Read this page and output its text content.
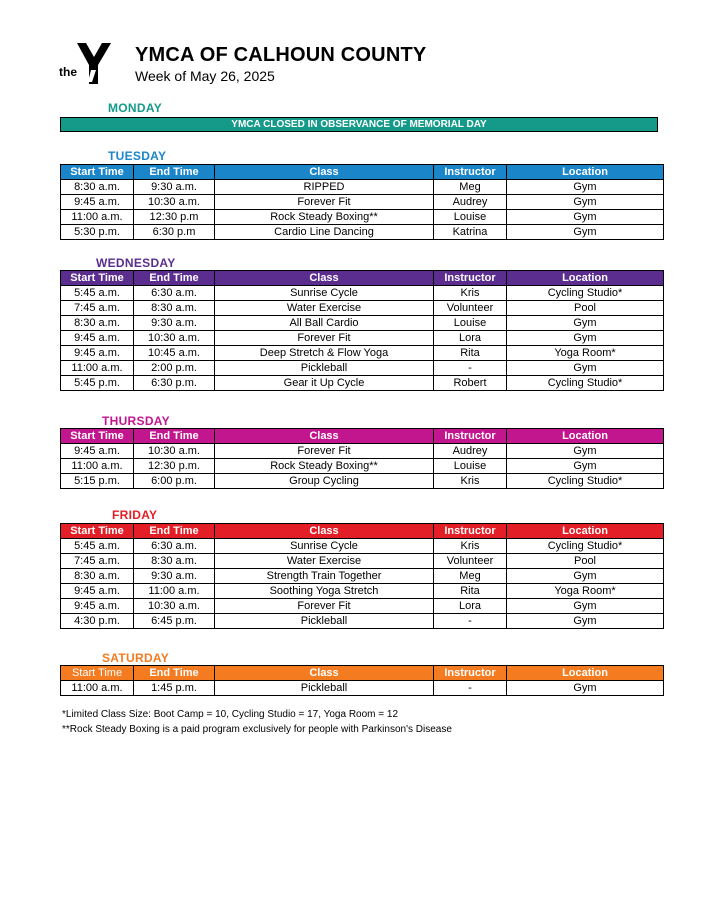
the
YMCA OF CALHOUN COUNTY
Week of May 26, 2025
MONDAY
YMCA CLOSED IN OBSERVANCE OF MEMORIAL DAY
TUESDAY
Start Time	End Time	Class	Instructor	Location
8:30 a.m.	9:30 a.m.	RIPPED	Meg	Gym
9:45 a.m.	10:30 a.m.	Forever Fit	Audrey	Gym
11:00 a.m.	12:30 p.m	Rock Steady Boxing**	Louise	Gym
5:30 p.m.	6:30 p.m	Cardio Line Dancing	Katrina	Gym
WEDNESDAY
Start Time	End Time	Class	Instructor	Location
5:45 a.m.	6:30 a.m.	Sunrise Cycle	Kris	Cycling Studio*
7:45 a.m.	8:30 a.m.	Water Exercise	Volunteer	Pool
8:30 a.m.	9:30 a.m.	All Ball Cardio	Louise	Gym
9:45 a.m.	10:30 a.m.	Forever Fit	Lora	Gym
9:45 a.m.	10:45 a.m.	Deep Stretch & Flow Yoga	Rita	Yoga Room*
11:00 a.m.	2:00 p.m.	Pickleball	-	Gym
5:45 p.m.	6:30 p.m.	Gear it Up Cycle	Robert	Cycling Studio*
THURSDAY
Start Time	End Time	Class	Instructor	Location
9:45 a.m.	10:30 a.m.	Forever Fit	Audrey	Gym
11:00 a.m.	12:30 p.m.	Rock Steady Boxing**	Louise	Gym
5:15 p.m.	6:00 p.m.	Group Cycling	Kris	Cycling Studio*
FRIDAY
Start Time	End Time	Class	Instructor	Location
5:45 a.m.	6:30 a.m.	Sunrise Cycle	Kris	Cycling Studio*
7:45 a.m.	8:30 a.m.	Water Exercise	Volunteer	Pool
8:30 a.m.	9:30 a.m.	Strength Train Together	Meg	Gym
9:45 a.m.	11:00 a.m.	Soothing Yoga Stretch	Rita	Yoga Room*
9:45 a.m.	10:30 a.m.	Forever Fit	Lora	Gym
4:30 p.m.	6:45 p.m.	Pickleball	-	Gym
SATURDAY
Start Time	End Time	Class	Instructor	Location
11:00 a.m.	1:45 p.m.	Pickleball	-	Gym
*Limited Class Size: Boot Camp = 10, Cycling Studio = 17, Yoga Room = 12
**Rock Steady Boxing is a paid program exclusively for people with Parkinson's Disease
